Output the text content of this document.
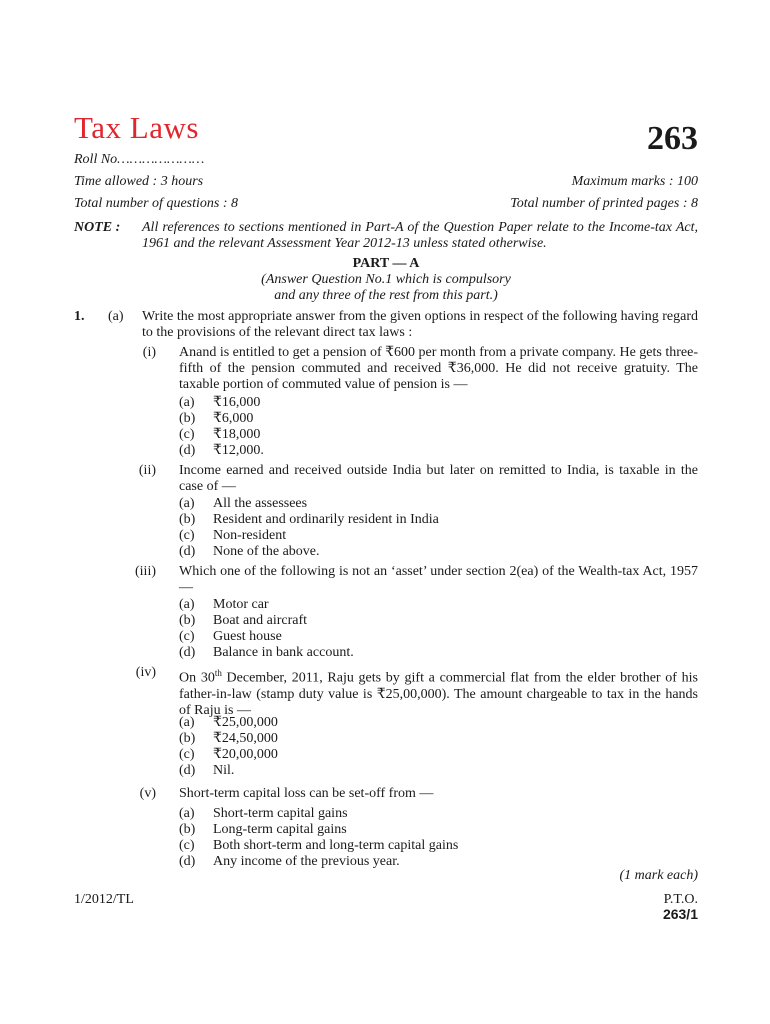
Tax Laws	263
Roll No…………………
Time allowed : 3 hours	Maximum marks : 100
Total number of questions : 8	Total number of printed pages : 8
NOTE : All references to sections mentioned in Part-A of the Question Paper relate to the Income-tax Act, 1961 and the relevant Assessment Year 2012-13 unless stated otherwise.
PART — A
(Answer Question No.1 which is compulsory
and any three of the rest from this part.)
1. (a) Write the most appropriate answer from the given options in respect of the following having regard to the provisions of the relevant direct tax laws :
(i) Anand is entitled to get a pension of ₹600 per month from a private company. He gets three-fifth of the pension commuted and received ₹36,000. He did not receive gratuity. The taxable portion of commuted value of pension is —
(a) ₹16,000
(b) ₹6,000
(c) ₹18,000
(d) ₹12,000.
(ii) Income earned and received outside India but later on remitted to India, is taxable in the case of —
(a) All the assessees
(b) Resident and ordinarily resident in India
(c) Non-resident
(d) None of the above.
(iii) Which one of the following is not an ‘asset’ under section 2(ea) of the Wealth-tax Act, 1957 —
(a) Motor car
(b) Boat and aircraft
(c) Guest house
(d) Balance in bank account.
(iv) On 30th December, 2011, Raju gets by gift a commercial flat from the elder brother of his father-in-law (stamp duty value is ₹25,00,000). The amount chargeable to tax in the hands of Raju is —
(a) ₹25,00,000
(b) ₹24,50,000
(c) ₹20,00,000
(d) Nil.
(v) Short-term capital loss can be set-off from —
(a) Short-term capital gains
(b) Long-term capital gains
(c) Both short-term and long-term capital gains
(d) Any income of the previous year.
(1 mark each)
1/2012/TL	P.T.O.
263/1
